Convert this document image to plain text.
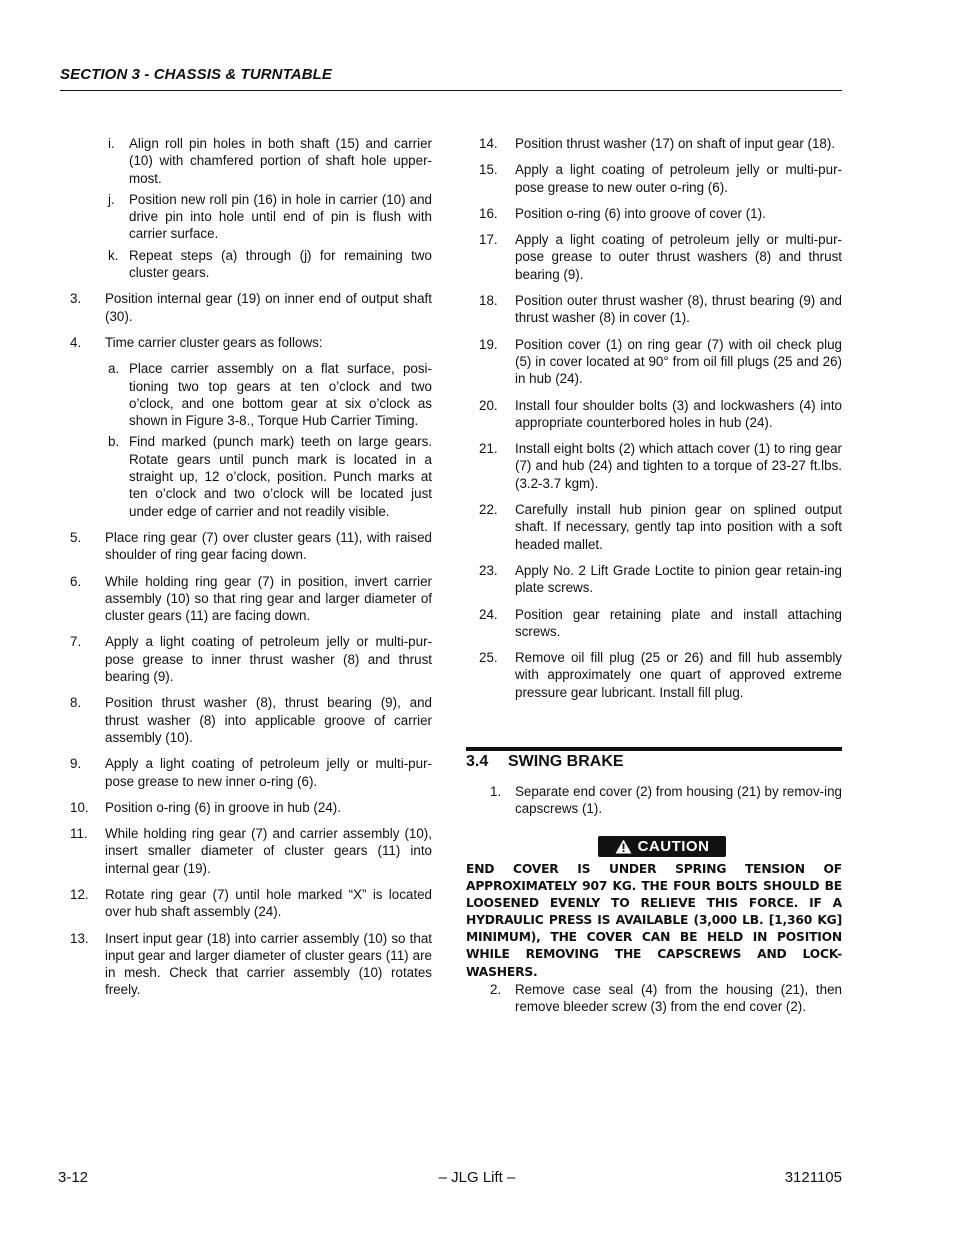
SECTION 3 - CHASSIS & TURNTABLE
i. Align roll pin holes in both shaft (15) and carrier (10) with chamfered portion of shaft hole upper-most.
j. Position new roll pin (16) in hole in carrier (10) and drive pin into hole until end of pin is flush with carrier surface.
k. Repeat steps (a) through (j) for remaining two cluster gears.
3. Position internal gear (19) on inner end of output shaft (30).
4. Time carrier cluster gears as follows:
a. Place carrier assembly on a flat surface, posi-tioning two top gears at ten o’clock and two o’clock, and one bottom gear at six o’clock as shown in Figure 3-8., Torque Hub Carrier Timing.
b. Find marked (punch mark) teeth on large gears. Rotate gears until punch mark is located in a straight up, 12 o’clock, position. Punch marks at ten o’clock and two o’clock will be located just under edge of carrier and not readily visible.
5. Place ring gear (7) over cluster gears (11), with raised shoulder of ring gear facing down.
6. While holding ring gear (7) in position, invert carrier assembly (10) so that ring gear and larger diameter of cluster gears (11) are facing down.
7. Apply a light coating of petroleum jelly or multi-pur-pose grease to inner thrust washer (8) and thrust bearing (9).
8. Position thrust washer (8), thrust bearing (9), and thrust washer (8) into applicable groove of carrier assembly (10).
9. Apply a light coating of petroleum jelly or multi-pur-pose grease to new inner o-ring (6).
10. Position o-ring (6) in groove in hub (24).
11. While holding ring gear (7) and carrier assembly (10), insert smaller diameter of cluster gears (11) into internal gear (19).
12. Rotate ring gear (7) until hole marked “X” is located over hub shaft assembly (24).
13. Insert input gear (18) into carrier assembly (10) so that input gear and larger diameter of cluster gears (11) are in mesh. Check that carrier assembly (10) rotates freely.
14. Position thrust washer (17) on shaft of input gear (18).
15. Apply a light coating of petroleum jelly or multi-pur-pose grease to new outer o-ring (6).
16. Position o-ring (6) into groove of cover (1).
17. Apply a light coating of petroleum jelly or multi-pur-pose grease to outer thrust washers (8) and thrust bearing (9).
18. Position outer thrust washer (8), thrust bearing (9) and thrust washer (8) in cover (1).
19. Position cover (1) on ring gear (7) with oil check plug (5) in cover located at 90° from oil fill plugs (25 and 26) in hub (24).
20. Install four shoulder bolts (3) and lockwashers (4) into appropriate counterbored holes in hub (24).
21. Install eight bolts (2) which attach cover (1) to ring gear (7) and hub (24) and tighten to a torque of 23-27 ft.lbs. (3.2-3.7 kgm).
22. Carefully install hub pinion gear on splined output shaft. If necessary, gently tap into position with a soft headed mallet.
23. Apply No. 2 Lift Grade Loctite to pinion gear retain-ing plate screws.
24. Position gear retaining plate and install attaching screws.
25. Remove oil fill plug (25 or 26) and fill hub assembly with approximately one quart of approved extreme pressure gear lubricant. Install fill plug.
3.4 SWING BRAKE
1. Separate end cover (2) from housing (21) by remov-ing capscrews (1).
CAUTION
END COVER IS UNDER SPRING TENSION OF APPROXIMATELY 907 KG. THE FOUR BOLTS SHOULD BE LOOSENED EVENLY TO RELIEVE THIS FORCE. IF A HYDRAULIC PRESS IS AVAILABLE (3,000 LB. [1,360 KG] MINIMUM), THE COVER CAN BE HELD IN POSITION WHILE REMOVING THE CAPSCREWS AND LOCK-WASHERS.
2. Remove case seal (4) from the housing (21), then remove bleeder screw (3) from the end cover (2).
3-12	– JLG Lift –	3121105
